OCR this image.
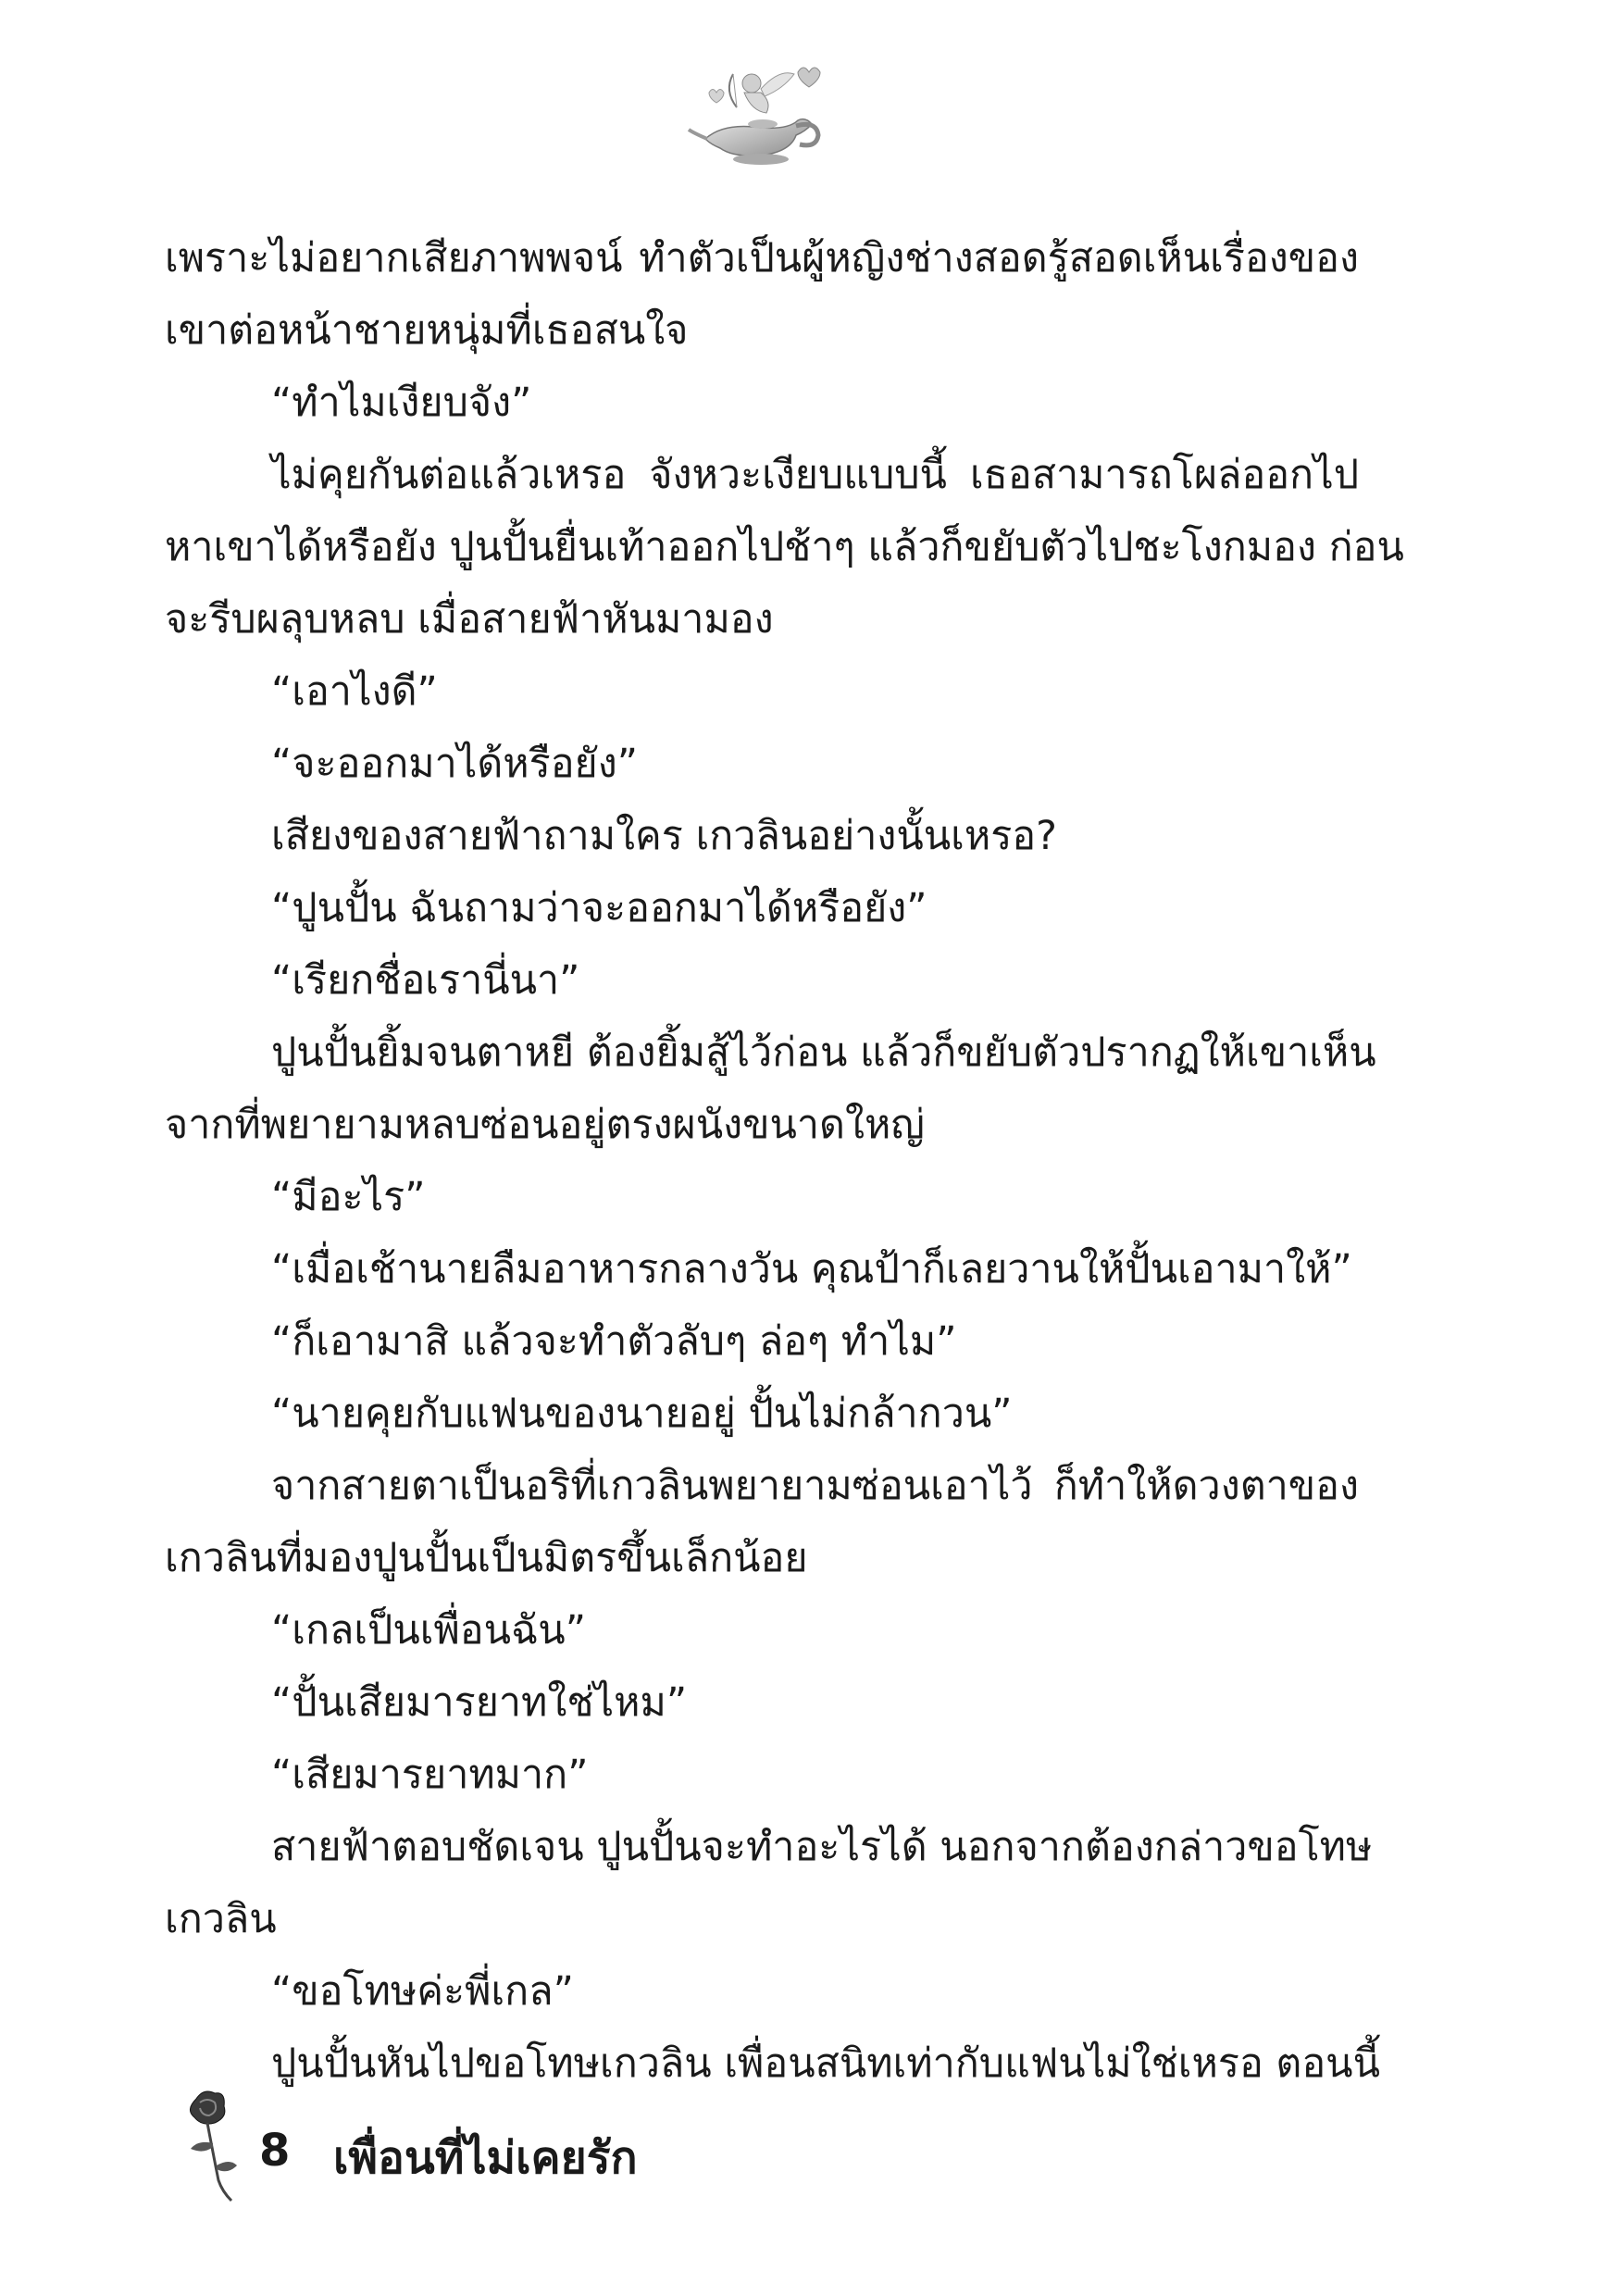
เพราะไม่อยากเสียภาพพจน์ ทำตัวเป็นผู้หญิงช่างสอดรู้สอดเห็นเรื่องของ
เขาต่อหน้าชายหนุ่มที่เธอสนใจ
“ทำไมเงียบจัง”
ไม่คุยกันต่อแล้วเหรอ จังหวะเงียบแบบนี้ เธอสามารถโผล่ออกไป
หาเขาได้หรือยัง ปูนปั้นยื่นเท้าออกไปช้าๆ แล้วก็ขยับตัวไปชะโงกมอง ก่อน
จะรีบผลุบหลบ เมื่อสายฟ้าหันมามอง
“เอาไงดี”
“จะออกมาได้หรือยัง”
เสียงของสายฟ้าถามใคร เกวลินอย่างนั้นเหรอ?
“ปูนปั้น ฉันถามว่าจะออกมาได้หรือยัง”
“เรียกชื่อเรานี่นา”
ปูนปั้นยิ้มจนตาหยี ต้องยิ้มสู้ไว้ก่อน แล้วก็ขยับตัวปรากฏให้เขาเห็น
จากที่พยายามหลบซ่อนอยู่ตรงผนังขนาดใหญ่
“มีอะไร”
“เมื่อเช้านายลืมอาหารกลางวัน คุณป้าก็เลยวานให้ปั้นเอามาให้”
“ก็เอามาสิ แล้วจะทำตัวลับๆ ล่อๆ ทำไม”
“นายคุยกับแฟนของนายอยู่ ปั้นไม่กล้ากวน”
จากสายตาเป็นอริที่เกวลินพยายามซ่อนเอาไว้ ก็ทำให้ดวงตาของ
เกวลินที่มองปูนปั้นเป็นมิตรขึ้นเล็กน้อย
“เกลเป็นเพื่อนฉัน”
“ปั้นเสียมารยาทใช่ไหม”
“เสียมารยาทมาก”
สายฟ้าตอบชัดเจน ปูนปั้นจะทำอะไรได้ นอกจากต้องกล่าวขอโทษ
เกวลิน
“ขอโทษค่ะพี่เกล”
ปูนปั้นหันไปขอโทษเกวลิน เพื่อนสนิทเท่ากับแฟนไม่ใช่เหรอ ตอนนี้
8 เพื่อนที่ไม่เคยรัก
